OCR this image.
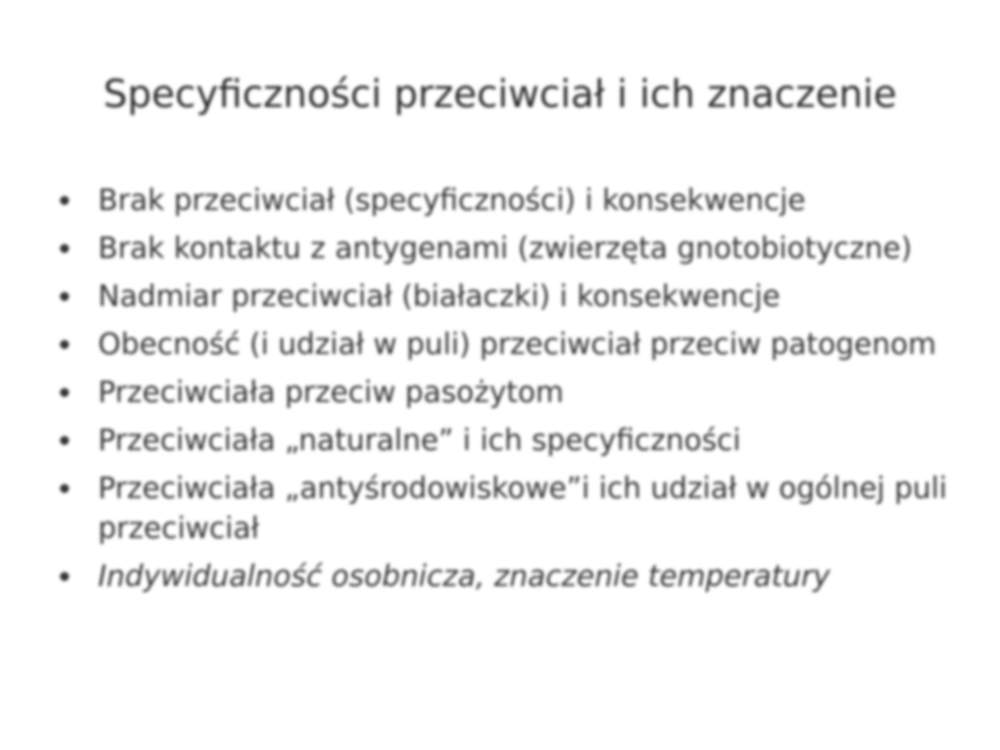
Specyficzności przeciwciał i ich znaczenie
Brak przeciwciał (specyficzności) i konsekwencje
Brak kontaktu z antygenami (zwierzęta gnotobiotyczne)
Nadmiar przeciwciał (białaczki) i konsekwencje
Obecność (i udział w puli) przeciwciał przeciw patogenom
Przeciwciała przeciw pasożytom
Przeciwciała „naturalne” i ich specyficzności
Przeciwciała „antyśrodowiskowe”i ich udział w ogólnej puli przeciwciał
Indywidualność osobnicza, znaczenie temperatury
